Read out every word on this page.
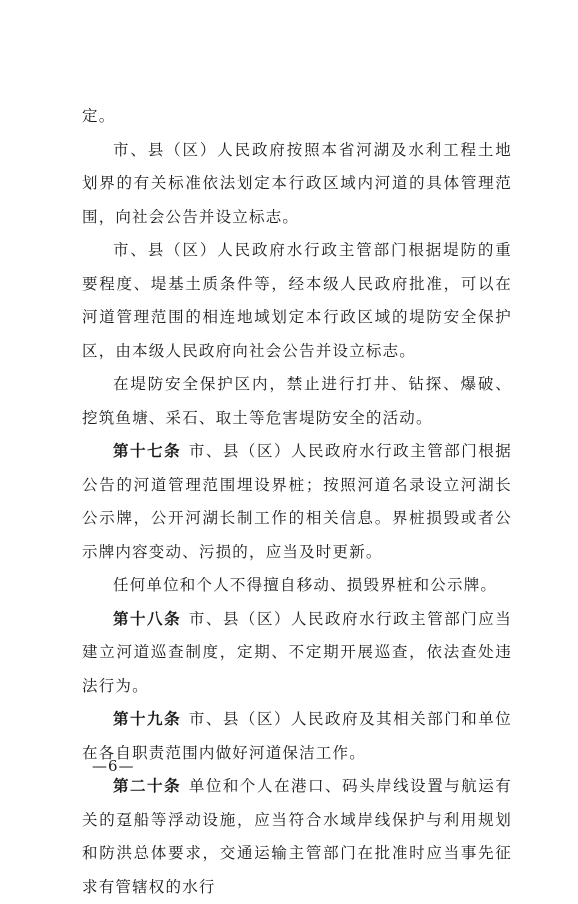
定。

市、县（区）人民政府按照本省河湖及水利工程土地划界的有关标准依法划定本行政区域内河道的具体管理范围，向社会公告并设立标志。

市、县（区）人民政府水行政主管部门根据堤防的重要程度、堤基土质条件等，经本级人民政府批准，可以在河道管理范围的相连地域划定本行政区域的堤防安全保护区，由本级人民政府向社会公告并设立标志。

在堤防安全保护区内，禁止进行打井、钻探、爆破、挖筑鱼塘、采石、取土等危害堤防安全的活动。

第十七条 市、县（区）人民政府水行政主管部门根据公告的河道管理范围埋设界桩；按照河道名录设立河湖长公示牌，公开河湖长制工作的相关信息。界桩损毁或者公示牌内容变动、污损的，应当及时更新。

任何单位和个人不得擅自移动、损毁界桩和公示牌。

第十八条 市、县（区）人民政府水行政主管部门应当建立河道巡查制度，定期、不定期开展巡查，依法查处违法行为。

第十九条 市、县（区）人民政府及其相关部门和单位在各自职责范围内做好河道保洁工作。

第二十条 单位和个人在港口、码头岸线设置与航运有关的趸船等浮动设施，应当符合水域岸线保护与利用规划和防洪总体要求，交通运输主管部门在批准时应当事先征求有管辖权的水行

—6—
